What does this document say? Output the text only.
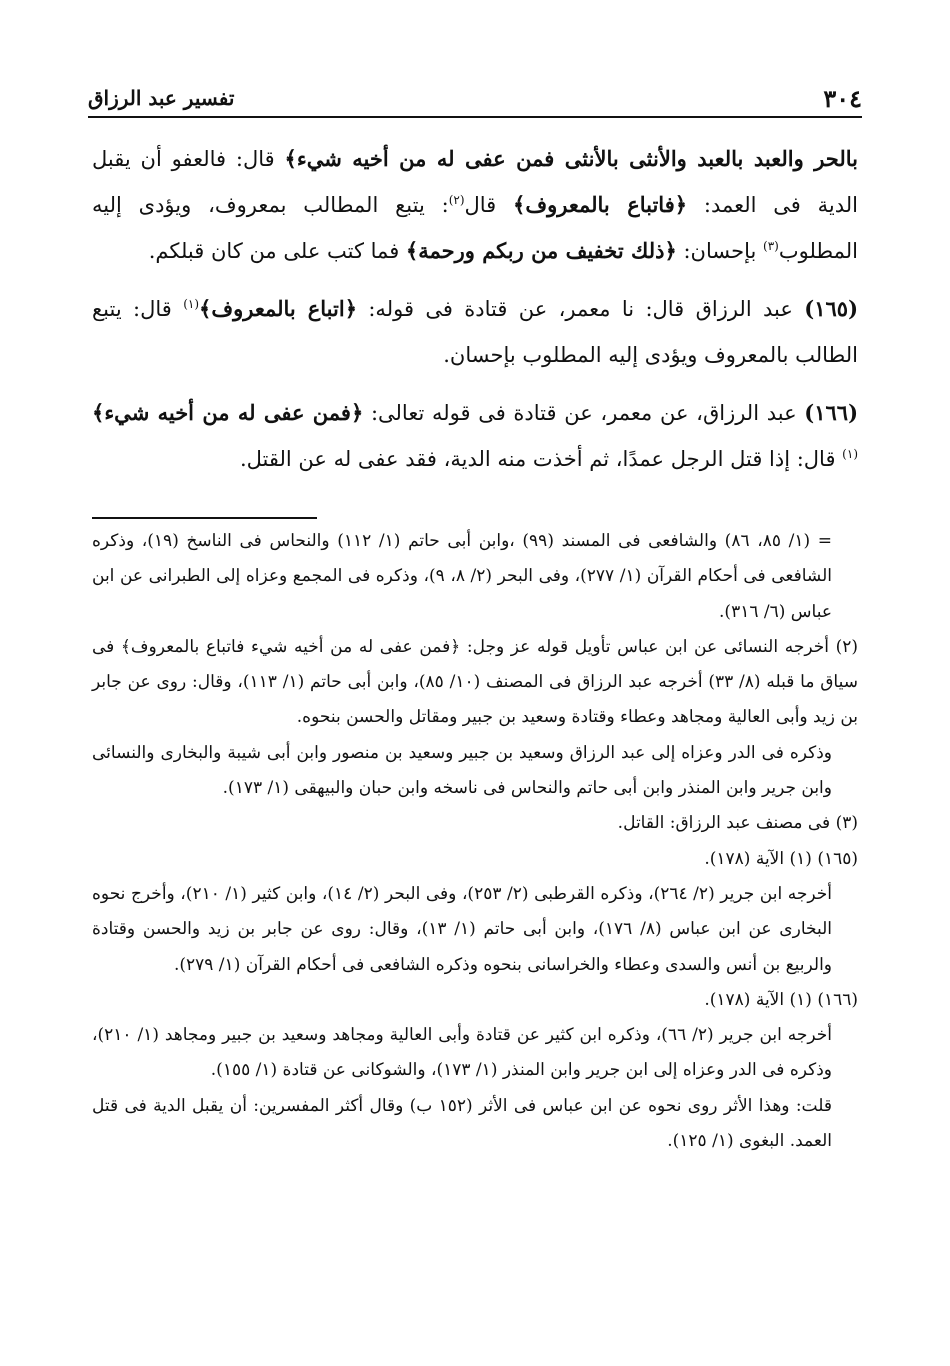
٣٠٤
تفسير عبد الرزاق

بالحر والعبد بالعبد والأنثى بالأنثى فمن عفى له من أخيه شيء﴾ قال: فالعفو أن يقبل الدية فى العمد: ﴿فاتباع بالمعروف﴾ قال$^{(٢)}$: يتبع المطالب بمعروف، ويؤدى إليه المطلوب$^{(٣)}$ بإحسان: ﴿ذلك تخفيف من ربكم ورحمة﴾ فما كتب على من كان قبلكم.

(١٦٥) عبد الرزاق قال: نا معمر، عن قتادة فى قوله: ﴿اتباع بالمعروف﴾$^{(١)}$ قال: يتبع الطالب بالمعروف ويؤدى إليه المطلوب بإحسان.

(١٦٦) عبد الرزاق، عن معمر، عن قتادة فى قوله تعالى: ﴿فمن عفى له من أخيه شيء﴾$^{(١)}$ قال: إذا قتل الرجل عمدًا، ثم أخذت منه الدية، فقد عفى له عن القتل.

= (١/ ٨٥، ٨٦) والشافعى فى المسند (٩٩) ،وابن أبى حاتم (١/ ١١٢) والنحاس فى الناسخ (١٩)، وذكره الشافعى فى أحكام القرآن (١/ ٢٧٧)، وفى البحر (٢/ ٨، ٩)، وذكره فى المجمع وعزاه إلى الطبرانى عن ابن عباس (٦/ ٣١٦).

(٢) أخرجه النسائى عن ابن عباس تأويل قوله عز وجل: ﴿فمن عفى له من أخيه شيء فاتباع بالمعروف﴾ فى سياق ما قبله (٨/ ٣٣) أخرجه عبد الرزاق فى المصنف (١٠/ ٨٥)، وابن أبى حاتم (١/ ١١٣)، وقال: روى عن جابر بن زيد وأبى العالية ومجاهد وعطاء وقتادة وسعيد بن جبير ومقاتل والحسن بنحوه.

وذكره فى الدر وعزاه إلى عبد الرزاق وسعيد بن جبير وسعيد بن منصور وابن أبى شيبة والبخارى والنسائى وابن جرير وابن المنذر وابن أبى حاتم والنحاس فى ناسخه وابن حبان والبيهقى (١/ ١٧٣).

(٣) فى مصنف عبد الرزاق: القاتل.

(١٦٥) (١) الآية (١٧٨).

أخرجه ابن جرير (٢/ ٢٦٤)، وذكره القرطبى (٢/ ٢٥٣)، وفى البحر (٢/ ١٤)، وابن كثير (١/ ٢١٠)، وأخرج نحوه البخارى عن ابن عباس (٨/ ١٧٦)، وابن أبى حاتم (١/ ١٣)، وقال: روى عن جابر بن زيد والحسن وقتادة والربيع بن أنس والسدى وعطاء والخراسانى بنحوه وذكره الشافعى فى أحكام القرآن (١/ ٢٧٩).

(١٦٦) (١) الآية (١٧٨).

أخرجه ابن جرير (٢/ ٦٦)، وذكره ابن كثير عن قتادة وأبى العالية ومجاهد وسعيد بن جبير ومجاهد (١/ ٢١٠)، وذكره فى الدر وعزاه إلى ابن جرير وابن المنذر (١/ ١٧٣)، والشوكانى عن قتادة (١/ ١٥٥).

قلت: وهذا الأثر روى نحوه عن ابن عباس فى الأثر (١٥٢ ب) وقال أكثر المفسرين: أن يقبل الدية فى قتل العمد. البغوى (١/ ١٢٥).
